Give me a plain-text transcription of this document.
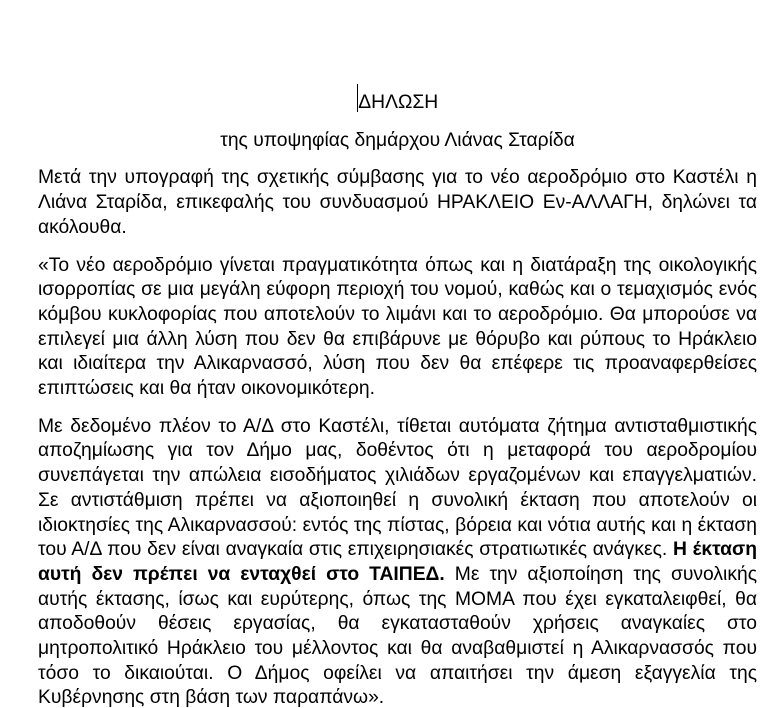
ΔΗΛΩΣΗ
της υποψηφίας δημάρχου Λιάνας Σταρίδα

Μετά την υπογραφή της σχετικής σύμβασης για το νέο αεροδρόμιο στο Καστέλι η Λιάνα Σταρίδα, επικεφαλής του συνδυασμού ΗΡΑΚΛΕΙΟ Εν-ΑΛΛΑΓΗ, δηλώνει τα ακόλουθα.

«Το νέο αεροδρόμιο γίνεται πραγματικότητα όπως και η διατάραξη της οικολογικής ισορροπίας σε μια μεγάλη εύφορη περιοχή του νομού, καθώς και ο τεμαχισμός ενός κόμβου κυκλοφορίας που αποτελούν το λιμάνι και το αεροδρόμιο. Θα μπορούσε να επιλεγεί μια άλλη λύση που δεν θα επιβάρυνε με θόρυβο και ρύπους το Ηράκλειο και ιδιαίτερα την Αλικαρνασσό, λύση που δεν θα επέφερε τις προαναφερθείσες επιπτώσεις και θα ήταν οικονομικότερη.

Με δεδομένο πλέον το Α/Δ στο Καστέλι, τίθεται αυτόματα ζήτημα αντισταθμιστικής αποζημίωσης για τον Δήμο μας, δοθέντος ότι η μεταφορά του αεροδρομίου συνεπάγεται την απώλεια εισοδήματος χιλιάδων εργαζομένων και επαγγελματιών. Σε αντιστάθμιση πρέπει να αξιοποιηθεί η συνολική έκταση που αποτελούν οι ιδιοκτησίες της Αλικαρνασσού: εντός της πίστας, βόρεια και νότια αυτής και η έκταση του Α/Δ που δεν είναι αναγκαία στις επιχειρησιακές στρατιωτικές ανάγκες. Η έκταση αυτή δεν πρέπει να ενταχθεί στο ΤΑΙΠΕΔ. Με την αξιοποίηση της συνολικής αυτής έκτασης, ίσως και ευρύτερης, όπως της ΜΟΜΑ που έχει εγκαταλειφθεί, θα αποδοθούν θέσεις εργασίας, θα εγκατασταθούν χρήσεις αναγκαίες στο μητροπολιτικό Ηράκλειο του μέλλοντος και θα αναβαθμιστεί η Αλικαρνασσός που τόσο το δικαιούται. Ο Δήμος οφείλει να απαιτήσει την άμεση εξαγγελία της Κυβέρνησης στη βάση των παραπάνω».
